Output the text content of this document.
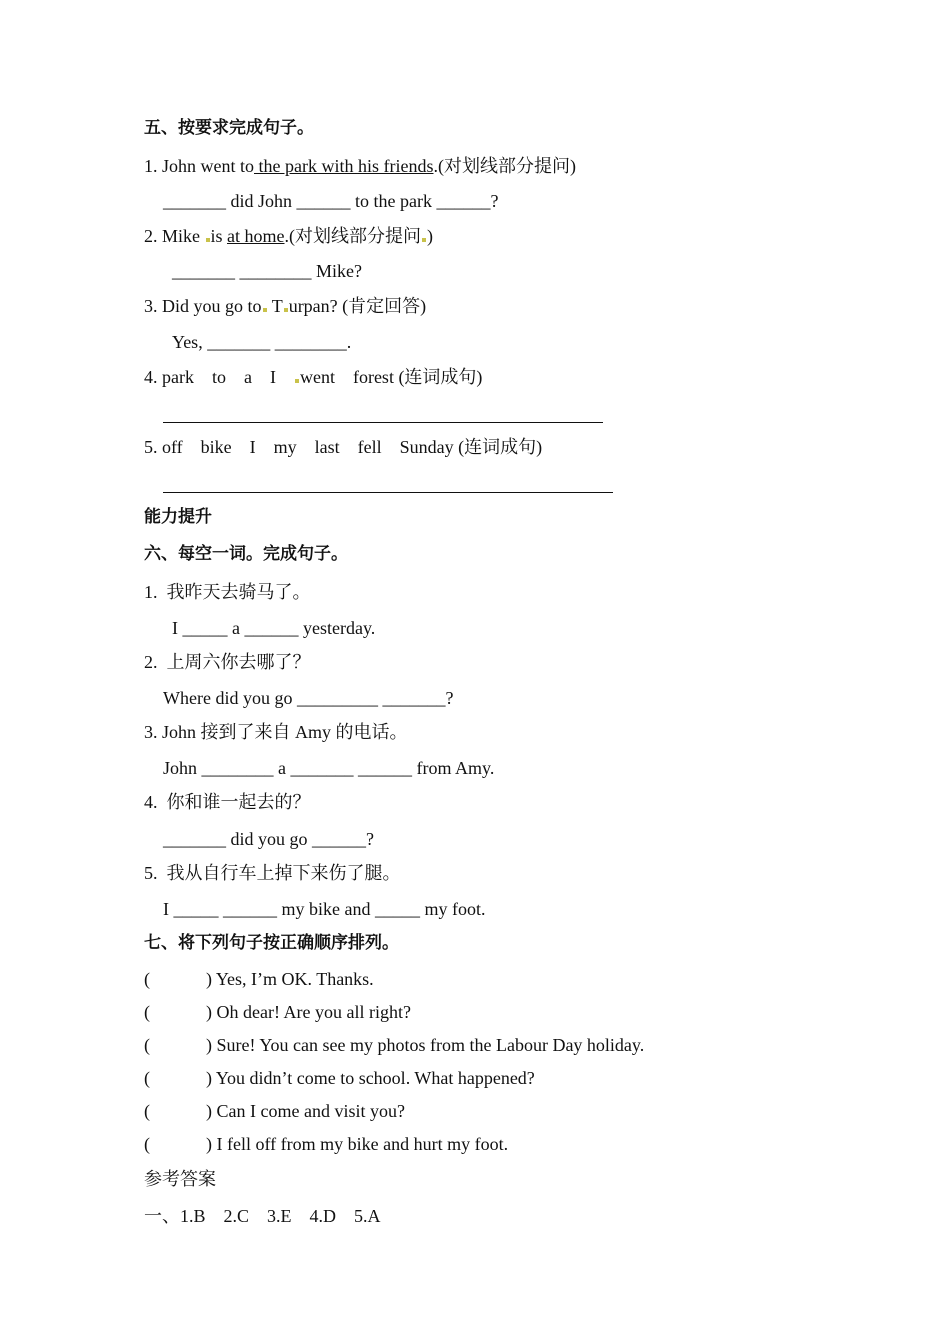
五、按要求完成句子。
1. John went to the park with his friends.(对划线部分提问)
_______ did John ______ to the park ______?
2. Mike is at home.(对划线部分提问 )
_______ ________ Mike?
3. Did you go to T urpan? (肯定回答)
Yes, _______ ________.
4. park    to    a    I    went    forest (连词成句)
5. off    bike    I    my    last    fell    Sunday (连词成句)
能力提升
六、每空一词。完成句子。
1.  我昨天去骑马了。
I _____ a ______ yesterday.
2.  上周六你去哪了？
Where did you go _________ _______?
3. John 接到了来自 Amy 的电话。
John ________ a _______ ______ from Amy.
4.  你和谁一起去的？
_______ did you go ______?
5.  我从自行车上掉下来伤了腿。
I _____ ______ my bike and _____ my foot.
七、将下列句子按正确顺序排列。
(	) Yes, I’m OK. Thanks.
(	) Oh dear! Are you all right?
(	) Sure! You can see my photos from the Labour Day holiday.
(	) You didn’t come to school. What happened?
(	) Can I come and visit you?
(	) I fell off from my bike and hurt my foot.
参考答案
一、1.B    2.C    3.E    4.D    5.A
